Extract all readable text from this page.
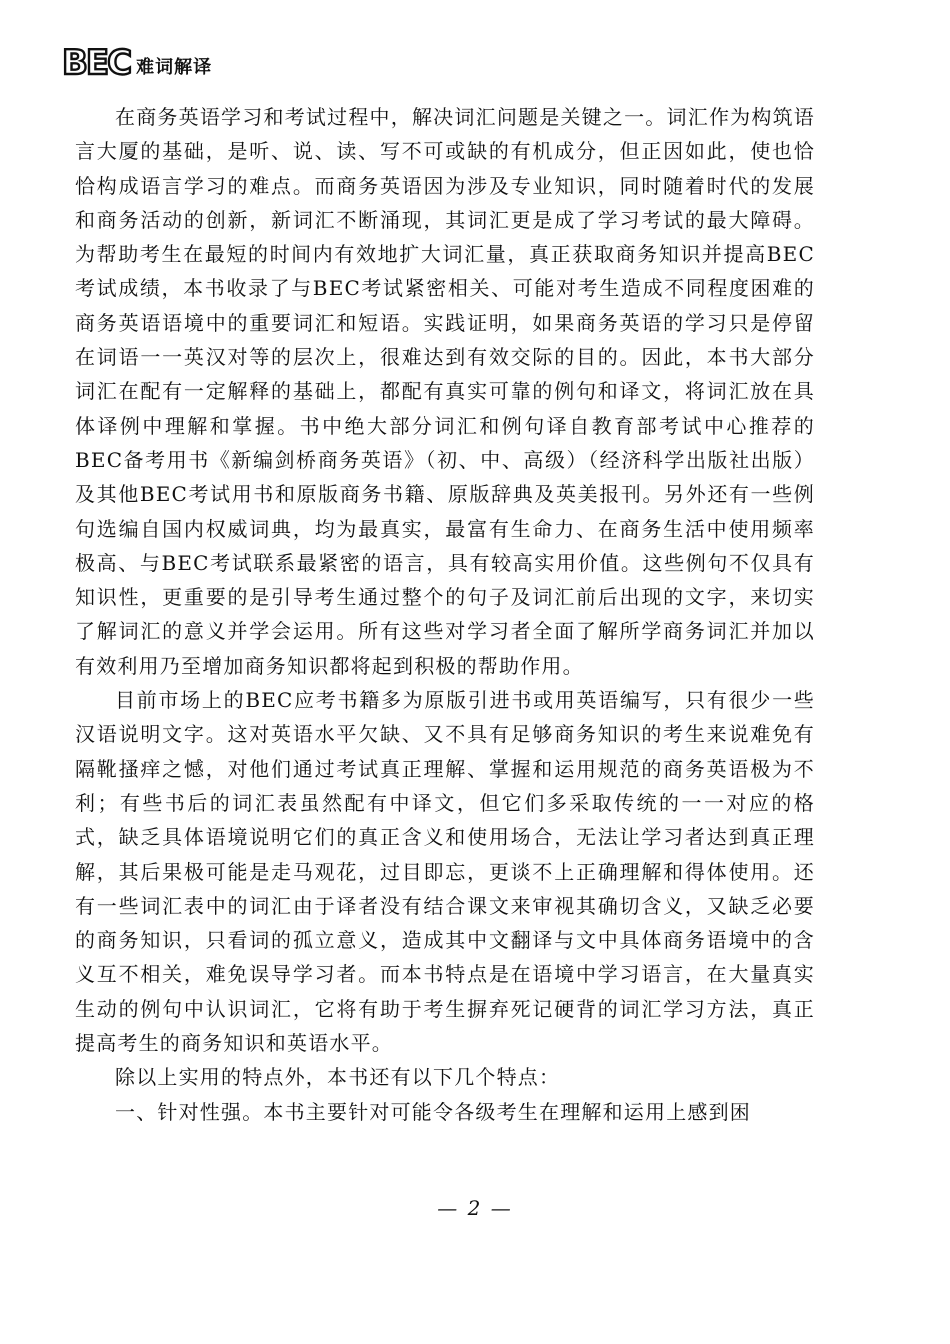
BEC 难词解译

在商务英语学习和考试过程中，解决词汇问题是关键之一。词汇作为构筑语言大厦的基础，是听、说、读、写不可或缺的有机成分，但正因如此，使也恰恰构成语言学习的难点。而商务英语因为涉及专业知识，同时随着时代的发展和商务活动的创新，新词汇不断涌现，其词汇更是成了学习考试的最大障碍。为帮助考生在最短的时间内有效地扩大词汇量，真正获取商务知识并提高BEC考试成绩，本书收录了与BEC考试紧密相关、可能对考生造成不同程度困难的商务英语语境中的重要词汇和短语。实践证明，如果商务英语的学习只是停留在词语一一英汉对等的层次上，很难达到有效交际的目的。因此，本书大部分词汇在配有一定解释的基础上，都配有真实可靠的例句和译文，将词汇放在具体译例中理解和掌握。书中绝大部分词汇和例句译自教育部考试中心推荐的BEC备考用书《新编剑桥商务英语》（初、中、高级）（经济科学出版社出版）及其他BEC考试用书和原版商务书籍、原版辞典及英美报刊。另外还有一些例句选编自国内权威词典，均为最真实，最富有生命力、在商务生活中使用频率极高、与BEC考试联系最紧密的语言，具有较高实用价值。这些例句不仅具有知识性，更重要的是引导考生通过整个的句子及词汇前后出现的文字，来切实了解词汇的意义并学会运用。所有这些对学习者全面了解所学商务词汇并加以有效利用乃至增加商务知识都将起到积极的帮助作用。

目前市场上的BEC应考书籍多为原版引进书或用英语编写，只有很少一些汉语说明文字。这对英语水平欠缺、又不具有足够商务知识的考生来说难免有隔靴搔痒之憾，对他们通过考试真正理解、掌握和运用规范的商务英语极为不利；有些书后的词汇表虽然配有中译文，但它们多采取传统的一一对应的格式，缺乏具体语境说明它们的真正含义和使用场合，无法让学习者达到真正理解，其后果极可能是走马观花，过目即忘，更谈不上正确理解和得体使用。还有一些词汇表中的词汇由于译者没有结合课文来审视其确切含义，又缺乏必要的商务知识，只看词的孤立意义，造成其中文翻译与文中具体商务语境中的含义互不相关，难免误导学习者。而本书特点是在语境中学习语言，在大量真实生动的例句中认识词汇，它将有助于考生摒弃死记硬背的词汇学习方法，真正提高考生的商务知识和英语水平。

除以上实用的特点外，本书还有以下几个特点：

一、针对性强。本书主要针对可能令各级考生在理解和运用上感到困

— 2 —
